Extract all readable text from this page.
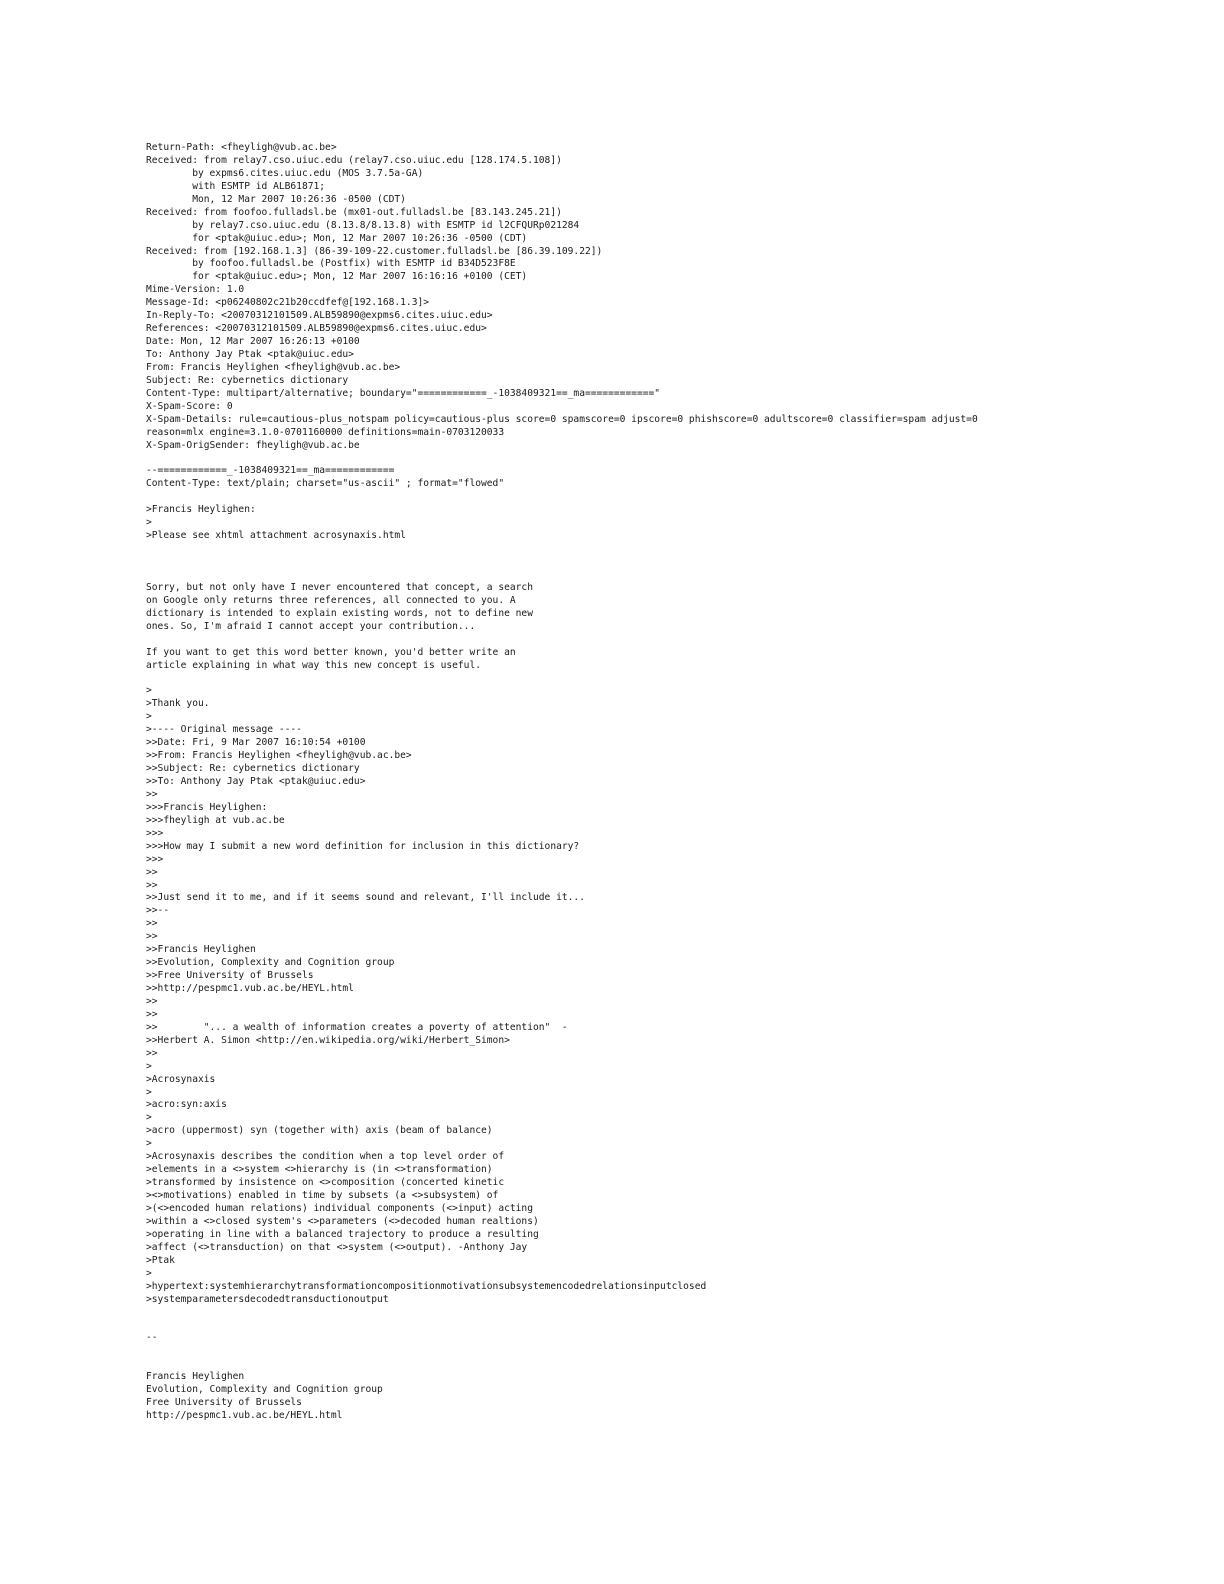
Return-Path: <fheyligh@vub.ac.be>
Received: from relay7.cso.uiuc.edu (relay7.cso.uiuc.edu [128.174.5.108])
by expms6.cites.uiuc.edu (MOS 3.7.5a-GA)
with ESMTP id ALB61871;
Mon, 12 Mar 2007 10:26:36 -0500 (CDT)
Received: from foofoo.fulladsl.be (mx01-out.fulladsl.be [83.143.245.21])
by relay7.cso.uiuc.edu (8.13.8/8.13.8) with ESMTP id l2CFQURp021284
for <ptak@uiuc.edu>; Mon, 12 Mar 2007 10:26:36 -0500 (CDT)
Received: from [192.168.1.3] (86-39-109-22.customer.fulladsl.be [86.39.109.22])
by foofoo.fulladsl.be (Postfix) with ESMTP id B34D523F8E
for <ptak@uiuc.edu>; Mon, 12 Mar 2007 16:16:16 +0100 (CET)
Mime-Version: 1.0
Message-Id: <p06240802c21b20ccdfef@[192.168.1.3]>
In-Reply-To: <20070312101509.ALB59890@expms6.cites.uiuc.edu>
References: <20070312101509.ALB59890@expms6.cites.uiuc.edu>
Date: Mon, 12 Mar 2007 16:26:13 +0100
To: Anthony Jay Ptak <ptak@uiuc.edu>
From: Francis Heylighen <fheyligh@vub.ac.be>
Subject: Re: cybernetics dictionary
Content-Type: multipart/alternative; boundary="============_-1038409321==_ma============"
X-Spam-Score: 0
X-Spam-Details: rule=cautious-plus_notspam policy=cautious-plus score=0 spamscore=0 ipscore=0 phishscore=0 adultscore=0 classifier=spam adjust=0 reason=mlx engine=3.1.0-0701160000 definitions=main-0703120033
X-Spam-OrigSender: fheyligh@vub.ac.be
--============_-1038409321==_ma============
Content-Type: text/plain; charset="us-ascii" ; format="flowed"
>Francis Heylighen:
>
>Please see xhtml attachment acrosynaxis.html
Sorry, but not only have I never encountered that concept, a search
on Google only returns three references, all connected to you. A
dictionary is intended to explain existing words, not to define new
ones. So, I'm afraid I cannot accept your contribution...
If you want to get this word better known, you'd better write an
article explaining in what way this new concept is useful.
>
>Thank you.
>
>---- Original message ----
>>Date: Fri, 9 Mar 2007 16:10:54 +0100
>>From: Francis Heylighen <fheyligh@vub.ac.be>
>>Subject: Re: cybernetics dictionary
>>To: Anthony Jay Ptak <ptak@uiuc.edu>
>>
>>>Francis Heylighen:
>>>fheyligh at vub.ac.be
>>>
>>>How may I submit a new word definition for inclusion in this dictionary?
>>>
>>
>>
>>Just send it to me, and if it seems sound and relevant, I'll include it...
>>--
>>
>>
>>Francis Heylighen
>>Evolution, Complexity and Cognition group
>>Free University of Brussels
>>http://pespmc1.vub.ac.be/HEYL.html
>>
>>
>>        "... a wealth of information creates a poverty of attention"  -
>>Herbert A. Simon <http://en.wikipedia.org/wiki/Herbert_Simon>
>>
>
>Acrosynaxis
>
>acro:syn:axis
>
>acro (uppermost) syn (together with) axis (beam of balance)
>
>Acrosynaxis describes the condition when a top level order of
>elements in a <>system <>hierarchy is (in <>transformation)
>transformed by insistence on <>composition (concerted kinetic
><>motivations) enabled in time by subsets (a <>subsystem) of
>(<>encoded human relations) individual components (<>input) acting
>within a <>closed system's <>parameters (<>decoded human realtions)
>operating in line with a balanced trajectory to produce a resulting
>affect (<>transduction) on that <>system (<>output). -Anthony Jay
>Ptak
>
>hypertext:systemhierarchytransformationcompositionmotivationsubsystemencodedrelationsinputclosed
>systemparametersdecodedtransductionoutput
--
Francis Heylighen
Evolution, Complexity and Cognition group
Free University of Brussels
http://pespmc1.vub.ac.be/HEYL.html
